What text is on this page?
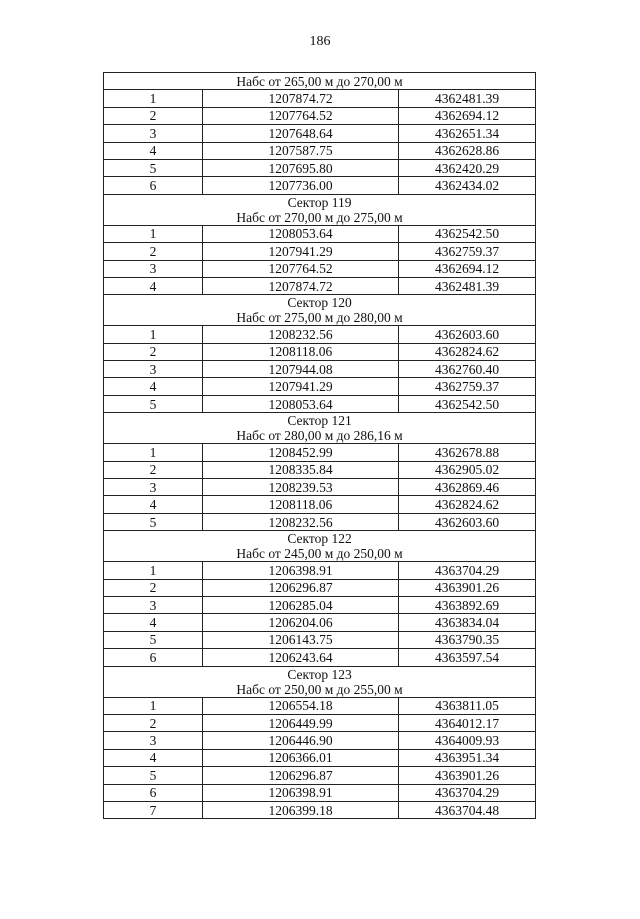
186
Набс от 265,00 м до 270,00 м		

1	1207874.72	4362481.39
2	1207764.52	4362694.12
3	1207648.64	4362651.34
4	1207587.75	4362628.86
5	1207695.80	4362420.29
6	1207736.00	4362434.02

Сектор 119
Набс от 270,00 м до 275,00 м		

1	1208053.64	4362542.50
2	1207941.29	4362759.37
3	1207764.52	4362694.12
4	1207874.72	4362481.39

Сектор 120
Набс от 275,00 м до 280,00 м		

1	1208232.56	4362603.60
2	1208118.06	4362824.62
3	1207944.08	4362760.40
4	1207941.29	4362759.37
5	1208053.64	4362542.50

Сектор 121
Набс от 280,00 м до 286,16 м		

1	1208452.99	4362678.88
2	1208335.84	4362905.02
3	1208239.53	4362869.46
4	1208118.06	4362824.62
5	1208232.56	4362603.60

Сектор 122
Набс от 245,00 м до 250,00 м		

1	1206398.91	4363704.29
2	1206296.87	4363901.26
3	1206285.04	4363892.69
4	1206204.06	4363834.04
5	1206143.75	4363790.35
6	1206243.64	4363597.54

Сектор 123
Набс от 250,00 м до 255,00 м		

1	1206554.18	4363811.05
2	1206449.99	4364012.17
3	1206446.90	4364009.93
4	1206366.01	4363951.34
5	1206296.87	4363901.26
6	1206398.91	4363704.29
7	1206399.18	4363704.48
